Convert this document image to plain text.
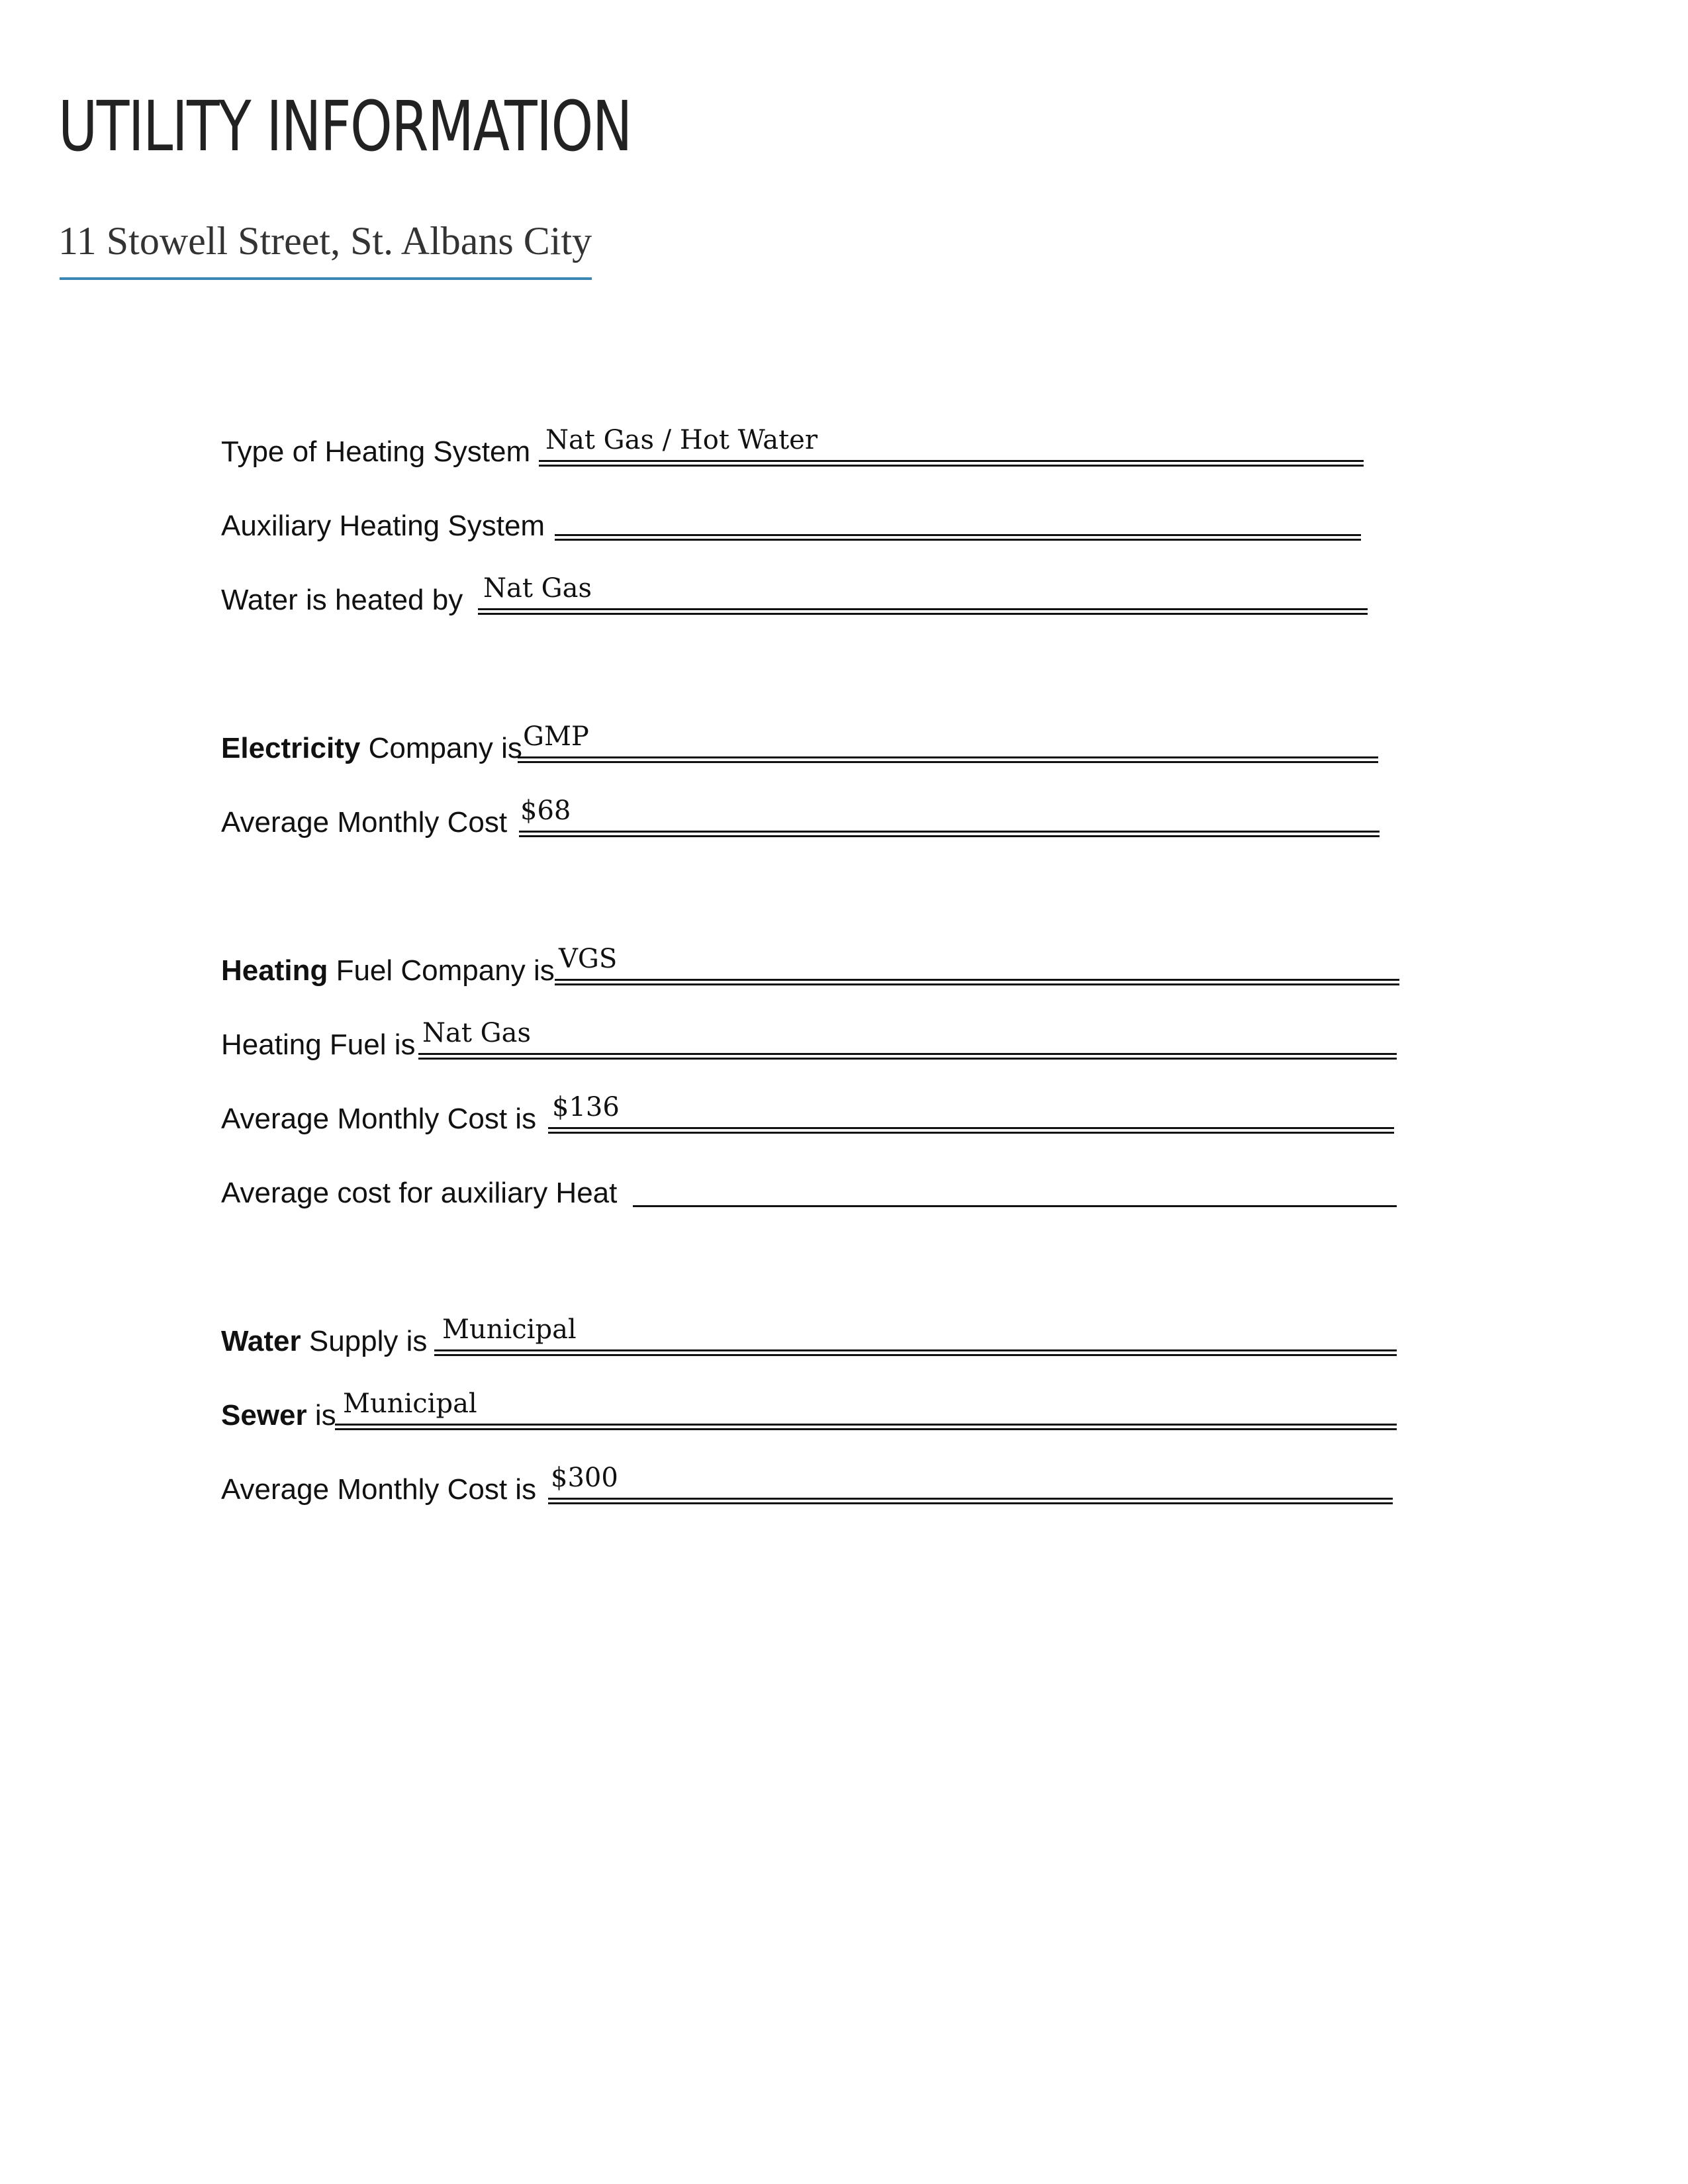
UTILITY INFORMATION
11 Stowell Street, St. Albans City
Type of Heating System Nat Gas / Hot Water
Auxiliary Heating System
Water is heated by Nat Gas
Electricity Company is GMP
Average Monthly Cost $68
Heating Fuel Company is VGS
Heating Fuel is Nat Gas
Average Monthly Cost is $136
Average cost for auxiliary Heat
Water Supply is Municipal
Sewer is Municipal
Average Monthly Cost is $300
